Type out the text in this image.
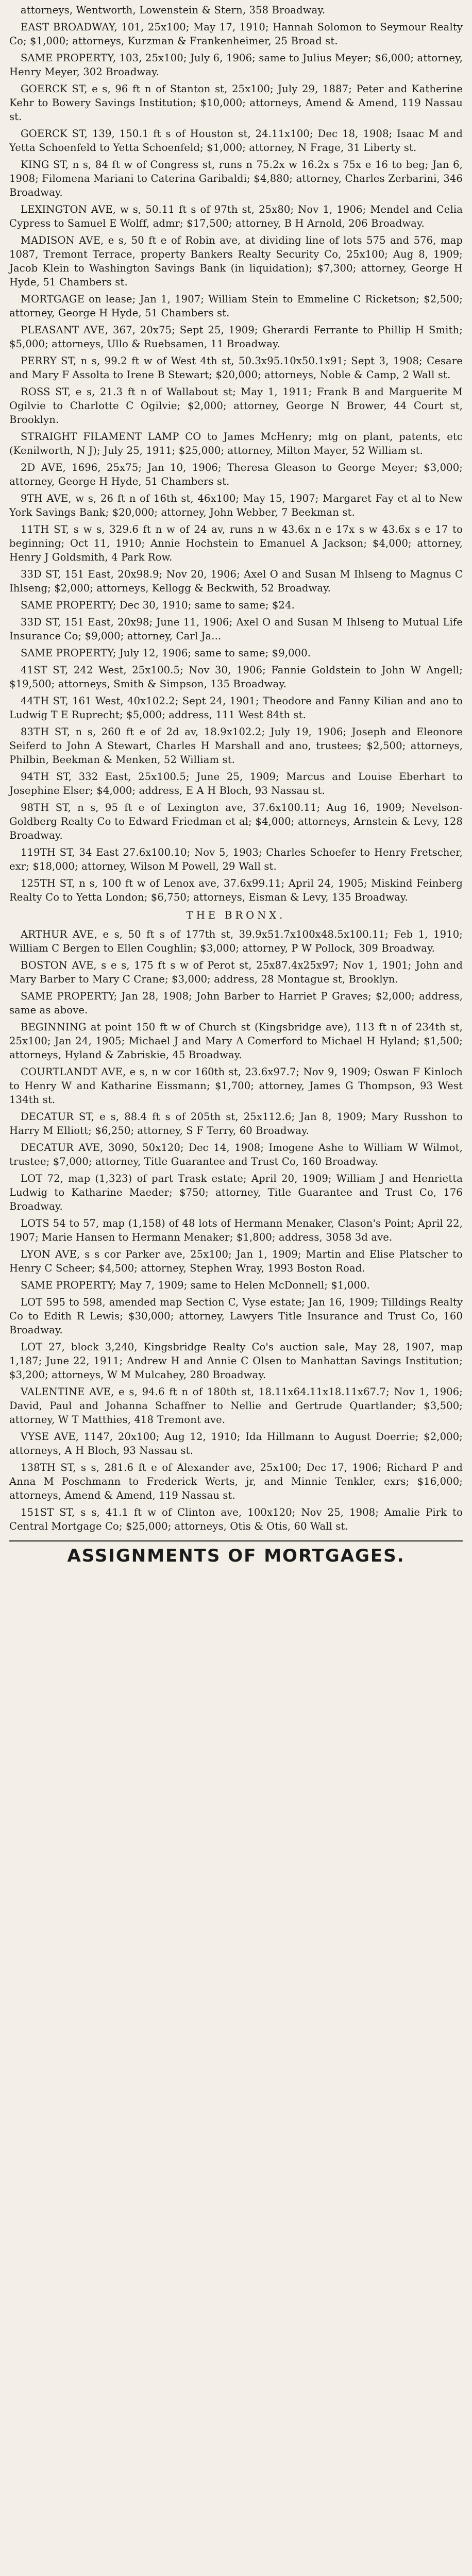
attorneys, Wentworth, Lowenstein & Stern, 358 Broadway.

EAST BROADWAY, 101, 25x100; May 17, 1910; Hannah Solomon to Seymour Realty Co; $1,000; attorneys, Kurzman & Frankenheimer, 25 Broad st.

SAME PROPERTY, 103, 25x100; July 6, 1906; same to Julius Meyer; $6,000; attorney, Henry Meyer, 302 Broadway.

GOERCK ST, e s, 96 ft n of Stanton st, 25x100; July 29, 1887; Peter and Katherine Kehr to Bowery Savings Institution; $10,000; attorneys, Amend & Amend, 119 Nassau st.

GOERCK ST, 139, 150.1 ft s of Houston st, 24.11x100; Dec 18, 1908; Isaac M and Yetta Schoenfeld to Yetta Schoenfeld; $1,000; attorney, N Frage, 31 Liberty st.

KING ST, n s, 84 ft w of Congress st, runs n 75.2x w 16.2x s 75x e 16 to beg; Jan 6, 1908; Filomena Mariani to Caterina Garibaldi; $4,880; attorney, Charles Zerbarini, 346 Broadway.

LEXINGTON AVE, w s, 50.11 ft s of 97th st, 25x80; Nov 1, 1906; Mendel and Celia Cypress to Samuel E Wolff, admr; $17,500; attorney, B H Arnold, 206 Broadway.

MADISON AVE, e s, 50 ft e of Robin ave, at dividing line of lots 575 and 576, map 1087, Tremont Terrace, property Bankers Realty Security Co, 25x100; Aug 8, 1909; Jacob Klein to Washington Savings Bank (in liquidation); $7,300; attorney, George H Hyde, 51 Chambers st.

MORTGAGE on lease; Jan 1, 1907; William Stein to Emmeline C Ricketson; $2,500; attorney, George H Hyde, 51 Chambers st.

PLEASANT AVE, 367, 20x75; Sept 25, 1909; Gherardi Ferrante to Phillip H Smith; $5,000; attorneys, Ullo & Ruebsamen, 11 Broadway.

PERRY ST, n s, 99.2 ft w of West 4th st, 50.3x95.10x50.1x91; Sept 3, 1908; Cesare and Mary F Assolta to Irene B Stewart; $20,000; attorneys, Noble & Camp, 2 Wall st.

ROSS ST, e s, 21.3 ft n of Wallabout st; May 1, 1911; Frank B and Marguerite M Ogilvie to Charlotte C Ogilvie; $2,000; attorney, George N Brower, 44 Court st, Brooklyn.

STRAIGHT FILAMENT LAMP CO to James McHenry; mtg on plant, patents, etc (Kenilworth, N J); July 25, 1911; $25,000; attorney, Milton Mayer, 52 William st.

2D AVE, 1696, 25x75; Jan 10, 1906; Theresa Gleason to George Meyer; $3,000; attorney, George H Hyde, 51 Chambers st.

9TH AVE, w s, 26 ft n of 16th st, 46x100; May 15, 1907; Margaret Fay et al to New York Savings Bank; $20,000; attorney, John Webber, 7 Beekman st.

11TH ST, s w s, 329.6 ft n w of 24 av, runs n w 43.6x n e 17x s w 43.6x s e 17 to beginning; Oct 11, 1910; Annie Hochstein to Emanuel A Jackson; $4,000; attorney, Henry J Goldsmith, 4 Park Row.

33D ST, 151 East, 20x98.9; Nov 20, 1906; Axel O and Susan M Ihlseng to Magnus C Ihlseng; $2,000; attorneys, Kellogg & Beckwith, 52 Broadway.

SAME PROPERTY; Dec 30, 1910; same to same; $24.

33D ST, 151 East, 20x98; June 11, 1906; Axel O and Susan M Ihlseng to Mutual Life Insurance Co; $9,000; attorney, Carl Ja...

SAME PROPERTY; July 12, 1906; same to same; $9,000.

41ST ST, 242 West, 25x100.5; Nov 30, 1906; Fannie Goldstein to John W Angell; $19,500; attorneys, Smith & Simpson, 135 Broadway.

44TH ST, 161 West, 40x102.2; Sept 24, 1901; Theodore and Fanny Kilian and ano to Ludwig T E Ruprecht; $5,000; address, 111 West 84th st.

83TH ST, n s, 260 ft e of 2d av, 18.9x102.2; July 19, 1906; Joseph and Eleonore Seiferd to John A Stewart, Charles H Marshall and ano, trustees; $2,500; attorneys, Philbin, Beekman & Menken, 52 William st.

94TH ST, 332 East, 25x100.5; June 25, 1909; Marcus and Louise Eberhart to Josephine Elser; $4,000; address, E A H Bloch, 93 Nassau st.

98TH ST, n s, 95 ft e of Lexington ave, 37.6x100.11; Aug 16, 1909; Nevelson-Goldberg Realty Co to Edward Friedman et al; $4,000; attorneys, Arnstein & Levy, 128 Broadway.

119TH ST, 34 East 27.6x100.10; Nov 5, 1903; Charles Schoefer to Henry Fretscher, exr; $18,000; attorney, Wilson M Powell, 29 Wall st.

125TH ST, n s, 100 ft w of Lenox ave, 37.6x99.11; April 24, 1905; Miskind Feinberg Realty Co to Yetta London; $6,750; attorneys, Eisman & Levy, 135 Broadway.

THE BRONX.

ARTHUR AVE, e s, 50 ft s of 177th st, 39.9x51.7x100x48.5x100.11; Feb 1, 1910; William C Bergen to Ellen Coughlin; $3,000; attorney, P W Pollock, 309 Broadway.

BOSTON AVE, s e s, 175 ft s w of Perot st, 25x87.4x25x97; Nov 1, 1901; John and Mary Barber to Mary C Crane; $3,000; address, 28 Montague st, Brooklyn.

SAME PROPERTY; Jan 28, 1908; John Barber to Harriet P Graves; $2,000; address, same as above.

BEGINNING at point 150 ft w of Church st (Kingsbridge ave), 113 ft n of 234th st, 25x100; Jan 24, 1905; Michael J and Mary A Comerford to Michael H Hyland; $1,500; attorneys, Hyland & Zabriskie, 45 Broadway.

COURTLANDT AVE, e s, n w cor 160th st, 23.6x97.7; Nov 9, 1909; Oswan F Kinloch to Henry W and Katharine Eissmann; $1,700; attorney, James G Thompson, 93 West 134th st.

DECATUR ST, e s, 88.4 ft s of 205th st, 25x112.6; Jan 8, 1909; Mary Russhon to Harry M Elliott; $6,250; attorney, S F Terry, 60 Broadway.

DECATUR AVE, 3090, 50x120; Dec 14, 1908; Imogene Ashe to William W Wilmot, trustee; $7,000; attorney, Title Guarantee and Trust Co, 160 Broadway.

LOT 72, map (1,323) of part Trask estate; April 20, 1909; William J and Henrietta Ludwig to Katharine Maeder; $750; attorney, Title Guarantee and Trust Co, 176 Broadway.

LOTS 54 to 57, map (1,158) of 48 lots of Hermann Menaker, Clason's Point; April 22, 1907; Marie Hansen to Hermann Menaker; $1,800; address, 3058 3d ave.

LYON AVE, s s cor Parker ave, 25x100; Jan 1, 1909; Martin and Elise Platscher to Henry C Scheer; $4,500; attorney, Stephen Wray, 1993 Boston Road.

SAME PROPERTY; May 7, 1909; same to Helen McDonnell; $1,000.

LOT 595 to 598, amended map Section C, Vyse estate; Jan 16, 1909; Tilldings Realty Co to Edith R Lewis; $30,000; attorney, Lawyers Title Insurance and Trust Co, 160 Broadway.

LOT 27, block 3,240, Kingsbridge Realty Co's auction sale, May 28, 1907, map 1,187; June 22, 1911; Andrew H and Annie C Olsen to Manhattan Savings Institution; $3,200; attorneys, W M Mulcahey, 280 Broadway.

VALENTINE AVE, e s, 94.6 ft n of 180th st, 18.11x64.11x18.11x67.7; Nov 1, 1906; David, Paul and Johanna Schaffner to Nellie and Gertrude Quartlander; $3,500; attorney, W T Matthies, 418 Tremont ave.

VYSE AVE, 1147, 20x100; Aug 12, 1910; Ida Hillmann to August Doerrie; $2,000; attorneys, A H Bloch, 93 Nassau st.

138TH ST, s s, 281.6 ft e of Alexander ave, 25x100; Dec 17, 1906; Richard P and Anna M Poschmann to Frederick Werts, jr, and Minnie Tenkler, exrs; $16,000; attorneys, Amend & Amend, 119 Nassau st.

151ST ST, s s, 41.1 ft w of Clinton ave, 100x120; Nov 25, 1908; Amalie Pirk to Central Mortgage Co; $25,000; attorneys, Otis & Otis, 60 Wall st.

ASSIGNMENTS OF MORTGAGES.
